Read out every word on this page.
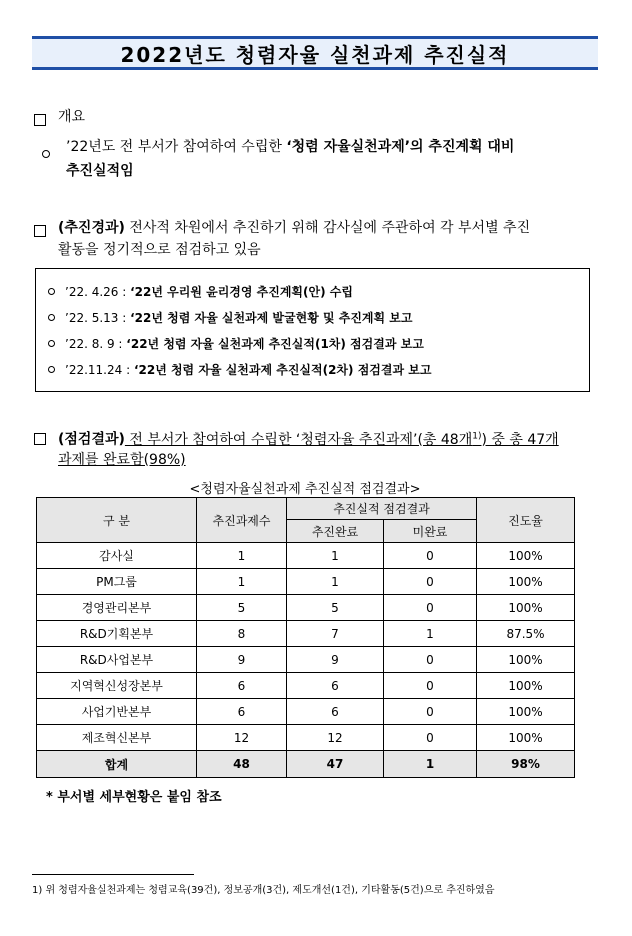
2022년도 청렴자율 실천과제 추진실적
개요
’22년도 전 부서가 참여하여 수립한 ‘청렴 자율실천과제’의 추진계획 대비
추진실적임
(추진경과) 전사적 차원에서 추진하기 위해 감사실에 주관하여 각 부서별 추진
활동을 정기적으로 점검하고 있음
’22. 4.26 :
‘22년 우리원 윤리경영 추진계획(안) 수립
’22. 5.13 :
‘22년 청렴 자율 실천과제 발굴현황 및 추진계획 보고
’22. 8. 9 :
‘22년 청렴 자율 실천과제 추진실적(1차) 점검결과 보고
’22.11.24 :
‘22년 청렴 자율 실천과제 추진실적(2차) 점검결과 보고
(점검결과) 전 부서가 참여하여 수립한 ‘청렴자율 추진과제’(총 48개$^{1)}$) 중 총 47개
과제를 완료함(98%)
<청렴자율실천과제 추진실적 점검결과>
구 분	추진과제수	추진실적 점검결과		진도율
		추진완료	미완료	
감사실	1	1	0	100%
PM그룹	1	1	0	100%
경영관리본부	5	5	0	100%
R&D기획본부	8	7	1	87.5%
R&D사업본부	9	9	0	100%
지역혁신성장본부	6	6	0	100%
사업기반본부	6	6	0	100%
제조혁신본부	12	12	0	100%
합계	48	47	1	98%
* 부서별 세부현황은 붙임 참조
1) 위 청렴자율실천과제는 청렴교육(39건), 정보공개(3건), 제도개선(1건), 기타활동(5건)으로 추진하였음
